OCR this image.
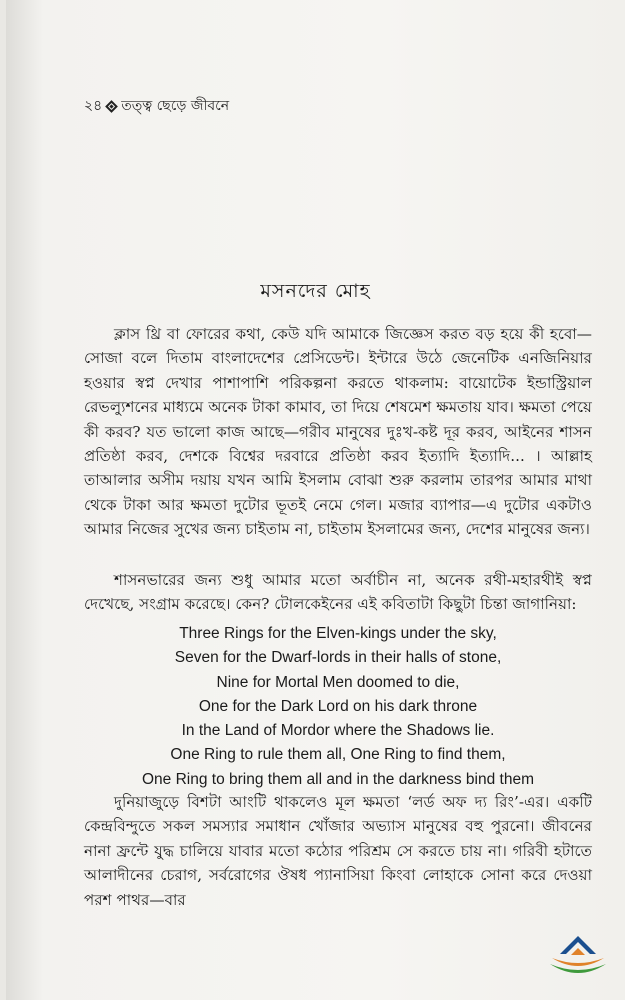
২৪ তত্ত্ব ছেড়ে জীবনে
মসনদের মোহ

ক্লাস থ্রি বা ফোরের কথা, কেউ যদি আমাকে জিজ্ঞেস করত বড় হয়ে কী হবো—সোজা বলে দিতাম বাংলাদেশের প্রেসিডেন্ট। ইন্টারে উঠে জেনেটিক এনজিনিয়ার হওয়ার স্বপ্ন দেখার পাশাপাশি পরিকল্পনা করতে থাকলাম: বায়োটেক ইন্ডাস্ট্রিয়াল রেভল্যুশনের মাধ্যমে অনেক টাকা কামাব, তা দিয়ে শেষমেশ ক্ষমতায় যাব। ক্ষমতা পেয়ে কী করব? যত ভালো কাজ আছে—গরীব মানুষের দুঃখ-কষ্ট দূর করব, আইনের শাসন প্রতিষ্ঠা করব, দেশকে বিশ্বের দরবারে প্রতিষ্ঠা করব ইত্যাদি ইত্যাদি... । আল্লাহ তাআলার অসীম দয়ায় যখন আমি ইসলাম বোঝা শুরু করলাম তারপর আমার মাথা থেকে টাকা আর ক্ষমতা দুটোর ভূতই নেমে গেল। মজার ব্যাপার—এ দুটোর একটাও আমার নিজের সুখের জন্য চাইতাম না, চাইতাম ইসলামের জন্য, দেশের মানুষের জন্য।

শাসনভারের জন্য শুধু আমার মতো অর্বাচীন না, অনেক রথী-মহারথীই স্বপ্ন দেখেছে, সংগ্রাম করেছে। কেন? টোলকেইনের এই কবিতাটা কিছুটা চিন্তা জাগানিয়া:

Three Rings for the Elven-kings under the sky,
Seven for the Dwarf-lords in their halls of stone,
Nine for Mortal Men doomed to die,
One for the Dark Lord on his dark throne
In the Land of Mordor where the Shadows lie.
One Ring to rule them all, One Ring to find them,
One Ring to bring them all and in the darkness bind them

দুনিয়াজুড়ে বিশটা আংটি থাকলেও মূল ক্ষমতা ‘লর্ড অফ দ্য রিং’-এর। একটি কেন্দ্রবিন্দুতে সকল সমস্যার সমাধান খোঁজার অভ্যাস মানুষের বহু পুরনো। জীবনের নানা ফ্রন্টে যুদ্ধ চালিয়ে যাবার মতো কঠোর পরিশ্রম সে করতে চায় না। গরিবী হটাতে আলাদীনের চেরাগ, সর্বরোগের ঔষধ প্যানাসিয়া কিংবা লোহাকে সোনা করে দেওয়া পরশ পাথর—বার
